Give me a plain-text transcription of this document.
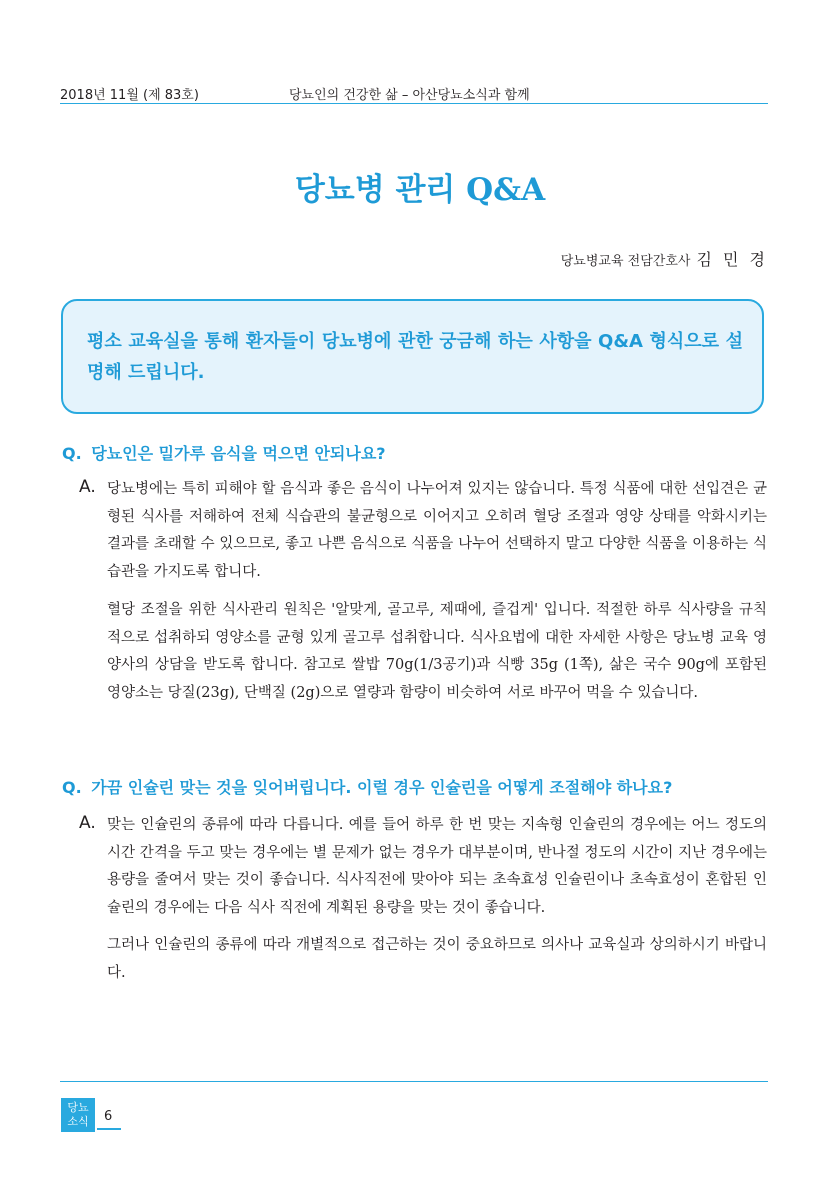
2018년 11월 (제 83호)	당뇨인의 건강한 삶 – 아산당뇨소식과 함께
당뇨병 관리 Q&A
당뇨병교육 전담간호사 김 민 경
평소 교육실을 통해 환자들이 당뇨병에 관한 궁금해 하는 사항을 Q&A 형식으로 설명해 드립니다.
Q. 당뇨인은 밀가루 음식을 먹으면 안되나요?
A. 당뇨병에는 특히 피해야 할 음식과 좋은 음식이 나누어져 있지는 않습니다. 특정 식품에 대한 선입견은 균형된 식사를 저해하여 전체 식습관의 불균형으로 이어지고 오히려 혈당 조절과 영양 상태를 악화시키는 결과를 초래할 수 있으므로, 좋고 나쁜 음식으로 식품을 나누어 선택하지 말고 다양한 식품을 이용하는 식습관을 가지도록 합니다.
혈당 조절을 위한 식사관리 원칙은 '알맞게, 골고루, 제때에, 즐겁게' 입니다. 적절한 하루 식사량을 규칙적으로 섭취하되 영양소를 균형 있게 골고루 섭취합니다. 식사요법에 대한 자세한 사항은 당뇨병 교육 영양사의 상담을 받도록 합니다. 참고로 쌀밥 70g(1/3공기)과 식빵 35g (1쪽), 삶은 국수 90g에 포함된 영양소는 당질(23g), 단백질 (2g)으로 열량과 함량이 비슷하여 서로 바꾸어 먹을 수 있습니다.
Q. 가끔 인슐린 맞는 것을 잊어버립니다. 이럴 경우 인슐린을 어떻게 조절해야 하나요?
A. 맞는 인슐린의 종류에 따라 다릅니다. 예를 들어 하루 한 번 맞는 지속형 인슐린의 경우에는 어느 정도의 시간 간격을 두고 맞는 경우에는 별 문제가 없는 경우가 대부분이며, 반나절 정도의 시간이 지난 경우에는 용량을 줄여서 맞는 것이 좋습니다. 식사직전에 맞아야 되는 초속효성 인슐린이나 초속효성이 혼합된 인슐린의 경우에는 다음 식사 직전에 계획된 용량을 맞는 것이 좋습니다.
그러나 인슐린의 종류에 따라 개별적으로 접근하는 것이 중요하므로 의사나 교육실과 상의하시기 바랍니다.
당뇨
소식	6
